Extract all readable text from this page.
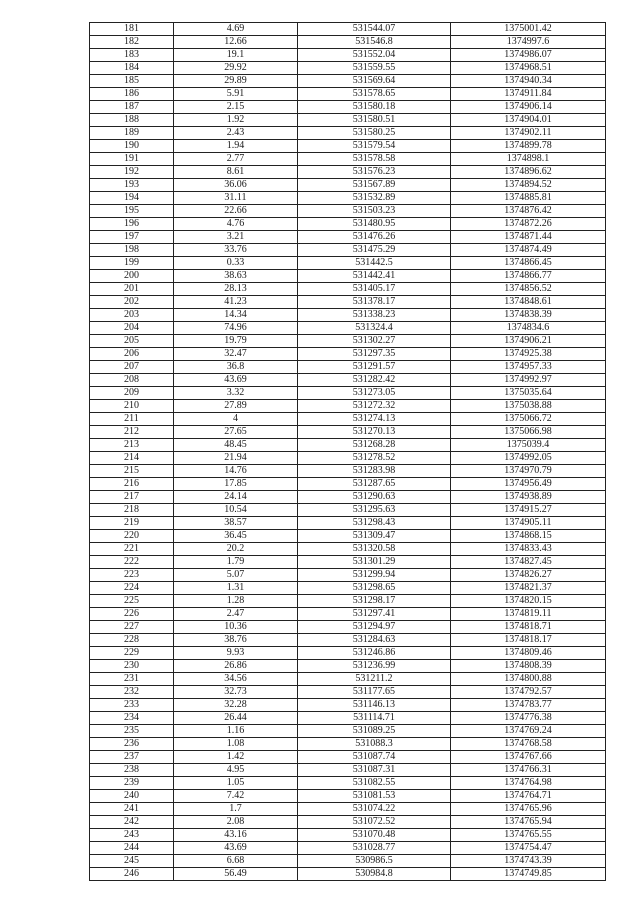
181	4.69	531544.07	1375001.42
182	12.66	531546.8	1374997.6
183	19.1	531552.04	1374986.07
184	29.92	531559.55	1374968.51
185	29.89	531569.64	1374940.34
186	5.91	531578.65	1374911.84
187	2.15	531580.18	1374906.14
188	1.92	531580.51	1374904.01
189	2.43	531580.25	1374902.11
190	1.94	531579.54	1374899.78
191	2.77	531578.58	1374898.1
192	8.61	531576.23	1374896.62
193	36.06	531567.89	1374894.52
194	31.11	531532.89	1374885.81
195	22.66	531503.23	1374876.42
196	4.76	531480.95	1374872.26
197	3.21	531476.26	1374871.44
198	33.76	531475.29	1374874.49
199	0.33	531442.5	1374866.45
200	38.63	531442.41	1374866.77
201	28.13	531405.17	1374856.52
202	41.23	531378.17	1374848.61
203	14.34	531338.23	1374838.39
204	74.96	531324.4	1374834.6
205	19.79	531302.27	1374906.21
206	32.47	531297.35	1374925.38
207	36.8	531291.57	1374957.33
208	43.69	531282.42	1374992.97
209	3.32	531273.05	1375035.64
210	27.89	531272.32	1375038.88
211	4	531274.13	1375066.72
212	27.65	531270.13	1375066.98
213	48.45	531268.28	1375039.4
214	21.94	531278.52	1374992.05
215	14.76	531283.98	1374970.79
216	17.85	531287.65	1374956.49
217	24.14	531290.63	1374938.89
218	10.54	531295.63	1374915.27
219	38.57	531298.43	1374905.11
220	36.45	531309.47	1374868.15
221	20.2	531320.58	1374833.43
222	1.79	531301.29	1374827.45
223	5.07	531299.94	1374826.27
224	1.31	531298.65	1374821.37
225	1.28	531298.17	1374820.15
226	2.47	531297.41	1374819.11
227	10.36	531294.97	1374818.71
228	38.76	531284.63	1374818.17
229	9.93	531246.86	1374809.46
230	26.86	531236.99	1374808.39
231	34.56	531211.2	1374800.88
232	32.73	531177.65	1374792.57
233	32.28	531146.13	1374783.77
234	26.44	531114.71	1374776.38
235	1.16	531089.25	1374769.24
236	1.08	531088.3	1374768.58
237	1.42	531087.74	1374767.66
238	4.95	531087.31	1374766.31
239	1.05	531082.55	1374764.98
240	7.42	531081.53	1374764.71
241	1.7	531074.22	1374765.96
242	2.08	531072.52	1374765.94
243	43.16	531070.48	1374765.55
244	43.69	531028.77	1374754.47
245	6.68	530986.5	1374743.39
246	56.49	530984.8	1374749.85
